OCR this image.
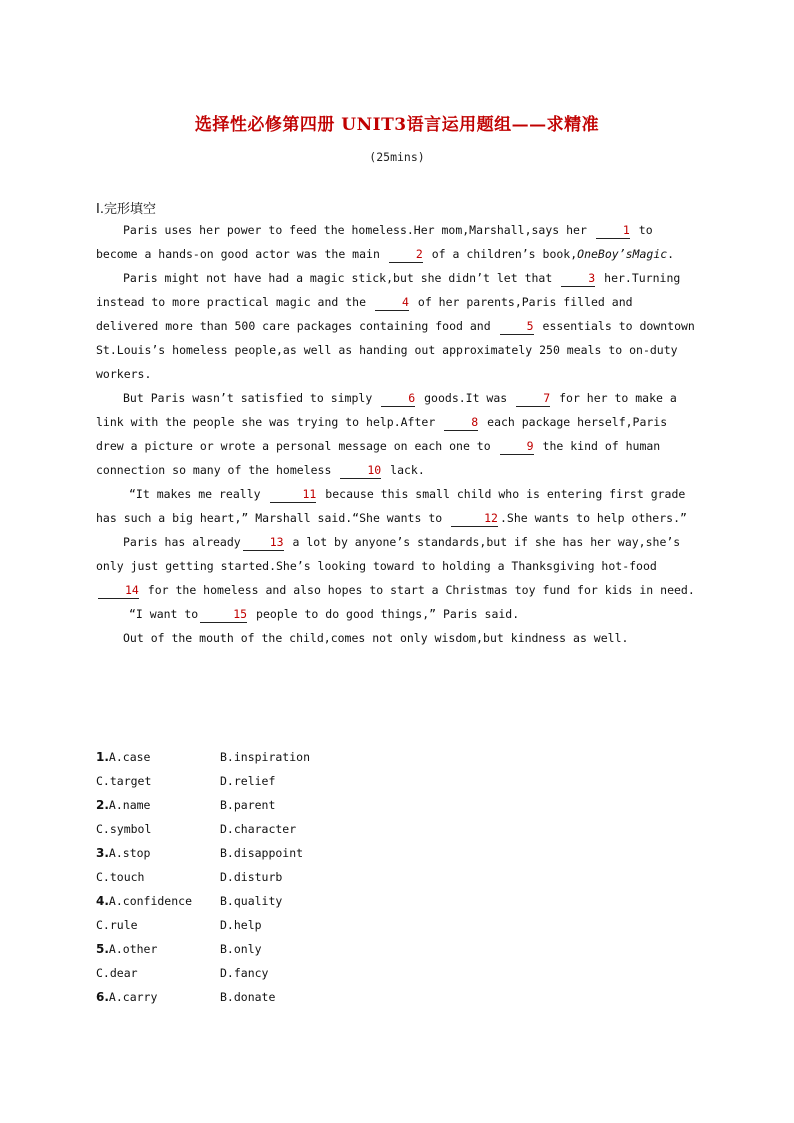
选择性必修第四册 UNIT3语言运用题组——求精准
(25mins)
Ⅰ.完形填空

Paris uses her power to feed the homeless.Her mom,Marshall,says her	1 to become a hands-on good actor was the main	2 of a children’s book,OneBoy’sMagic.

Paris might not have had a magic stick,but she didn’t let that	3 her.Turning instead to more practical magic and the	4 of her parents,Paris filled and delivered more than 500 care packages containing food and	5 essentials to downtown St.Louis’s homeless people,as well as handing out approximately 250 meals to on-duty workers.

But Paris wasn’t satisfied to simply	6 goods.It was	7 for her to make a link with the people she was trying to help.After	8 each package herself,Paris drew a picture or wrote a personal message on each one to	9 the kind of human connection so many of the homeless	10 lack.

“It makes me really	11 because this small child who is entering first grade has such a big heart,” Marshall said.“She wants to	12 .She wants to help others.”

Paris has already	13 a lot by anyone’s standards,but if she has her way,she’s only just getting started.She’s looking toward to holding a Thanksgiving hot-food 14 for the homeless and also hopes to start a Christmas toy fund for kids in need.

“I want to	15 people to do good things,” Paris said.

Out of the mouth of the child,comes not only wisdom,but kindness as well.

1.A.case	B.inspiration
C.target	D.relief
2.A.name	B.parent
C.symbol	D.character
3.A.stop	B.disappoint
C.touch	D.disturb
4.A.confidence B.quality
C.rule	D.help
5.A.other	B.only
C.dear	D.fancy
6.A.carry	B.donate
